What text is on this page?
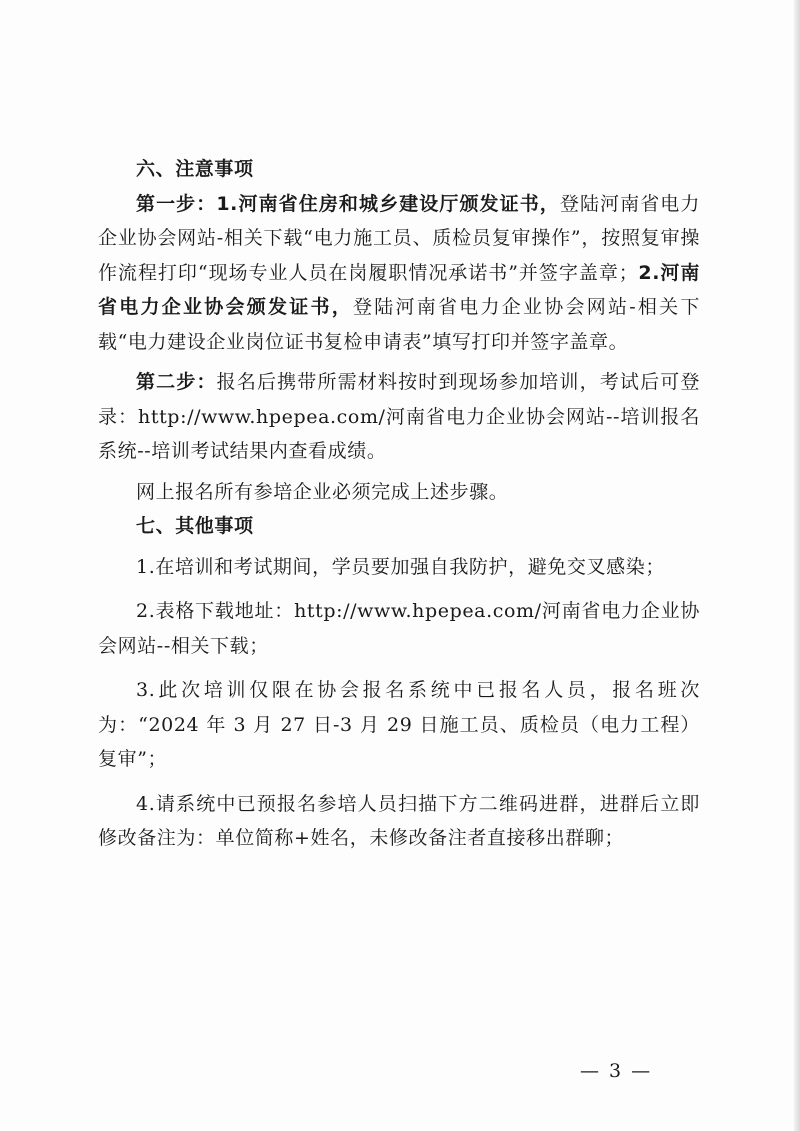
六、注意事项

第一步：1.河南省住房和城乡建设厅颁发证书，登陆河南省电力企业协会网站-相关下载“电力施工员、质检员复审操作”，按照复审操作流程打印“现场专业人员在岗履职情况承诺书”并签字盖章；2.河南省电力企业协会颁发证书，登陆河南省电力企业协会网站-相关下载“电力建设企业岗位证书复检申请表”填写打印并签字盖章。

第二步：报名后携带所需材料按时到现场参加培训，考试后可登录：http://www.hpepea.com/河南省电力企业协会网站--培训报名系统--培训考试结果内查看成绩。

网上报名所有参培企业必须完成上述步骤。

七、其他事项

1.在培训和考试期间，学员要加强自我防护，避免交叉感染；

2.表格下载地址：http://www.hpepea.com/河南省电力企业协会网站--相关下载；

3.此次培训仅限在协会报名系统中已报名人员，报名班次为：“2024 年 3 月 27 日-3 月 29 日施工员、质检员（电力工程）复审”；

4.请系统中已预报名参培人员扫描下方二维码进群，进群后立即修改备注为：单位简称+姓名，未修改备注者直接移出群聊；

— 3 —
